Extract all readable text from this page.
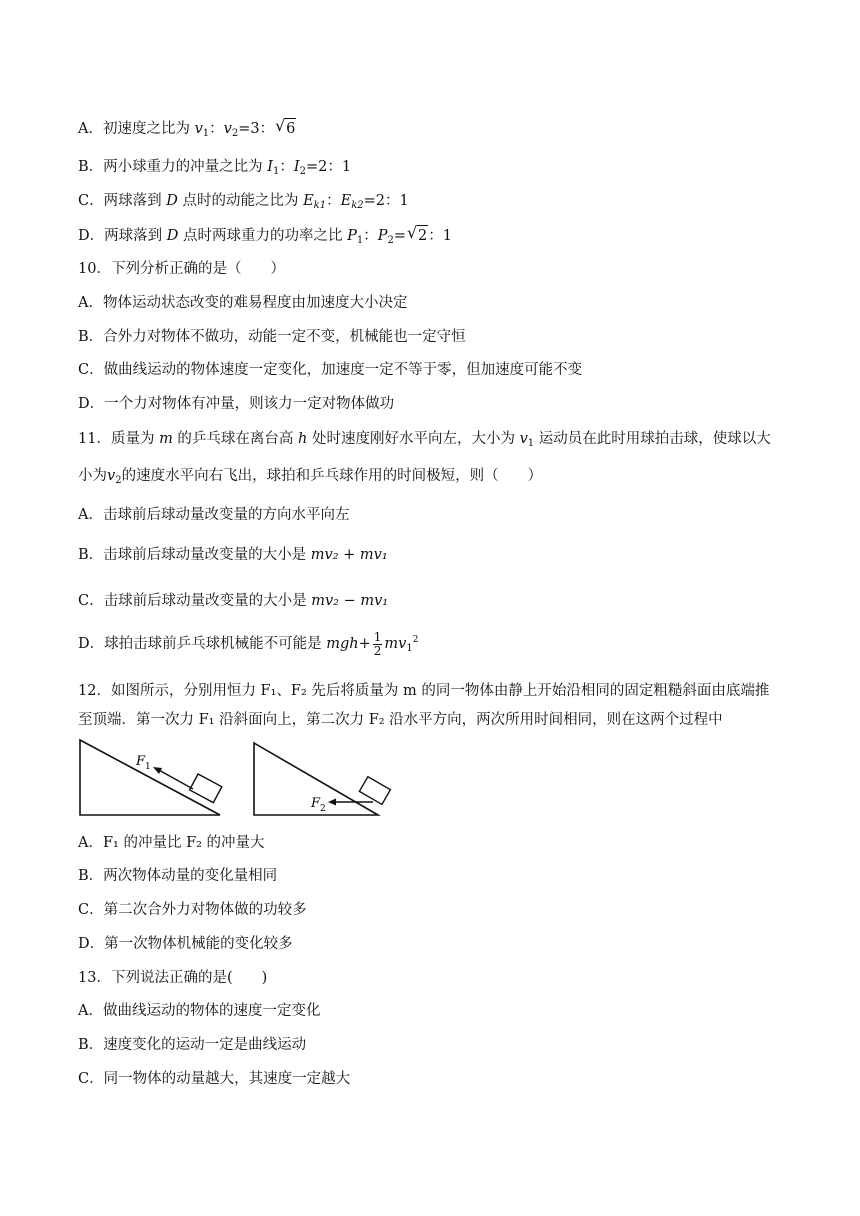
A．初速度之比为 $v_1$：$v_2=3$：√ 6
B．两小球重力的冲量之比为 $I_1$：$I_2=2$：1
C．两球落到 D 点时的动能之比为 $E_{k1}$：$E_{k2}=2$：1
D．两球落到 D 点时两球重力的功率之比 $P_1$：$P_2=√$ 2：1
10．下列分析正确的是（　　）
A．物体运动状态改变的难易程度由加速度大小决定
B．合外力对物体不做功，动能一定不变，机械能也一定守恒
C．做曲线运动的物体速度一定变化，加速度一定不等于零，但加速度可能不变
D．一个力对物体有冲量，则该力一定对物体做功
11．质量为 m 的乒乓球在离台高 h 处时速度刚好水平向左，大小为 $v_1$ 运动员在此时用球拍击球，使球以大
小为$v_2$的速度水平向右飞出，球拍和乒乓球作用的时间极短，则（　　）
A．击球前后球动量改变量的方向水平向左
B．击球前后球动量改变量的大小是 mv₂ + mv₁
C．击球前后球动量改变量的大小是 mv₂ − mv₁
D．球拍击球前乒乓球机械能不可能是 $mgh+ \frac{1}{2} mv_1^2$
12．如图所示，分别用恒力 F₁、F₂ 先后将质量为 m 的同一物体由静上开始沿相同的固定粗糙斜面由底端推
至顶端．第一次力 F₁ 沿斜面向上，第二次力 F₂ 沿水平方向，两次所用时间相同，则在这两个过程中
F 1
F 2
A．F₁ 的冲量比 F₂ 的冲量大
B．两次物体动量的变化量相同
C．第二次合外力对物体做的功较多
D．第一次物体机械能的变化较多
13．下列说法正确的是(　　)
A．做曲线运动的物体的速度一定变化
B．速度变化的运动一定是曲线运动
C．同一物体的动量越大，其速度一定越大
